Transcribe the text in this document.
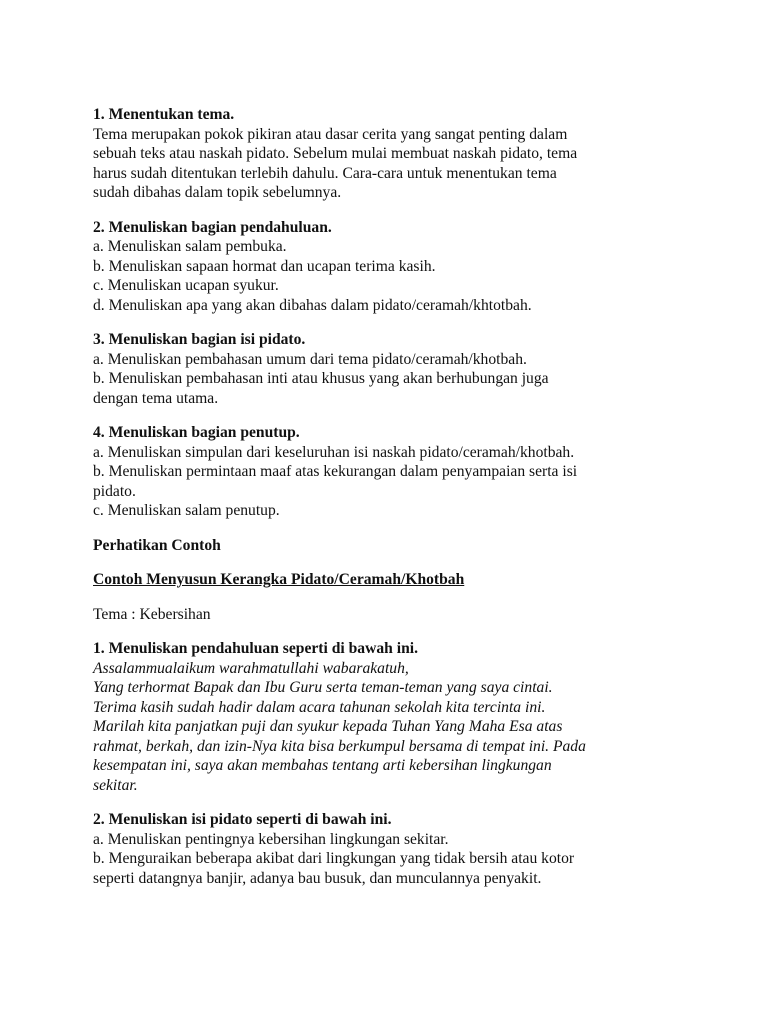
1. Menentukan tema.
Tema merupakan pokok pikiran atau dasar cerita yang sangat penting dalam
sebuah teks atau naskah pidato. Sebelum mulai membuat naskah pidato, tema
harus sudah ditentukan terlebih dahulu. Cara-cara untuk menentukan tema
sudah dibahas dalam topik sebelumnya.
2. Menuliskan bagian pendahuluan.
a. Menuliskan salam pembuka.
b. Menuliskan sapaan hormat dan ucapan terima kasih.
c. Menuliskan ucapan syukur.
d. Menuliskan apa yang akan dibahas dalam pidato/ceramah/khtotbah.
3. Menuliskan bagian isi pidato.
a. Menuliskan pembahasan umum dari tema pidato/ceramah/khotbah.
b. Menuliskan pembahasan inti atau khusus yang akan berhubungan juga
dengan tema utama.
4. Menuliskan bagian penutup.
a. Menuliskan simpulan dari keseluruhan isi naskah pidato/ceramah/khotbah.
b. Menuliskan permintaan maaf atas kekurangan dalam penyampaian serta isi
pidato.
c. Menuliskan salam penutup.
Perhatikan Contoh
Contoh Menyusun Kerangka Pidato/Ceramah/Khotbah
Tema : Kebersihan
1. Menuliskan pendahuluan seperti di bawah ini.
Assalammualaikum warahmatullahi wabarakatuh,
Yang terhormat Bapak dan Ibu Guru serta teman-teman yang saya cintai.
Terima kasih sudah hadir dalam acara tahunan sekolah kita tercinta ini.
Marilah kita panjatkan puji dan syukur kepada Tuhan Yang Maha Esa atas
rahmat, berkah, dan izin-Nya kita bisa berkumpul bersama di tempat ini. Pada
kesempatan ini, saya akan membahas tentang arti kebersihan lingkungan
sekitar.
2. Menuliskan isi pidato seperti di bawah ini.
a. Menuliskan pentingnya kebersihan lingkungan sekitar.
b. Menguraikan beberapa akibat dari lingkungan yang tidak bersih atau kotor
seperti datangnya banjir, adanya bau busuk, dan munculannya penyakit.
